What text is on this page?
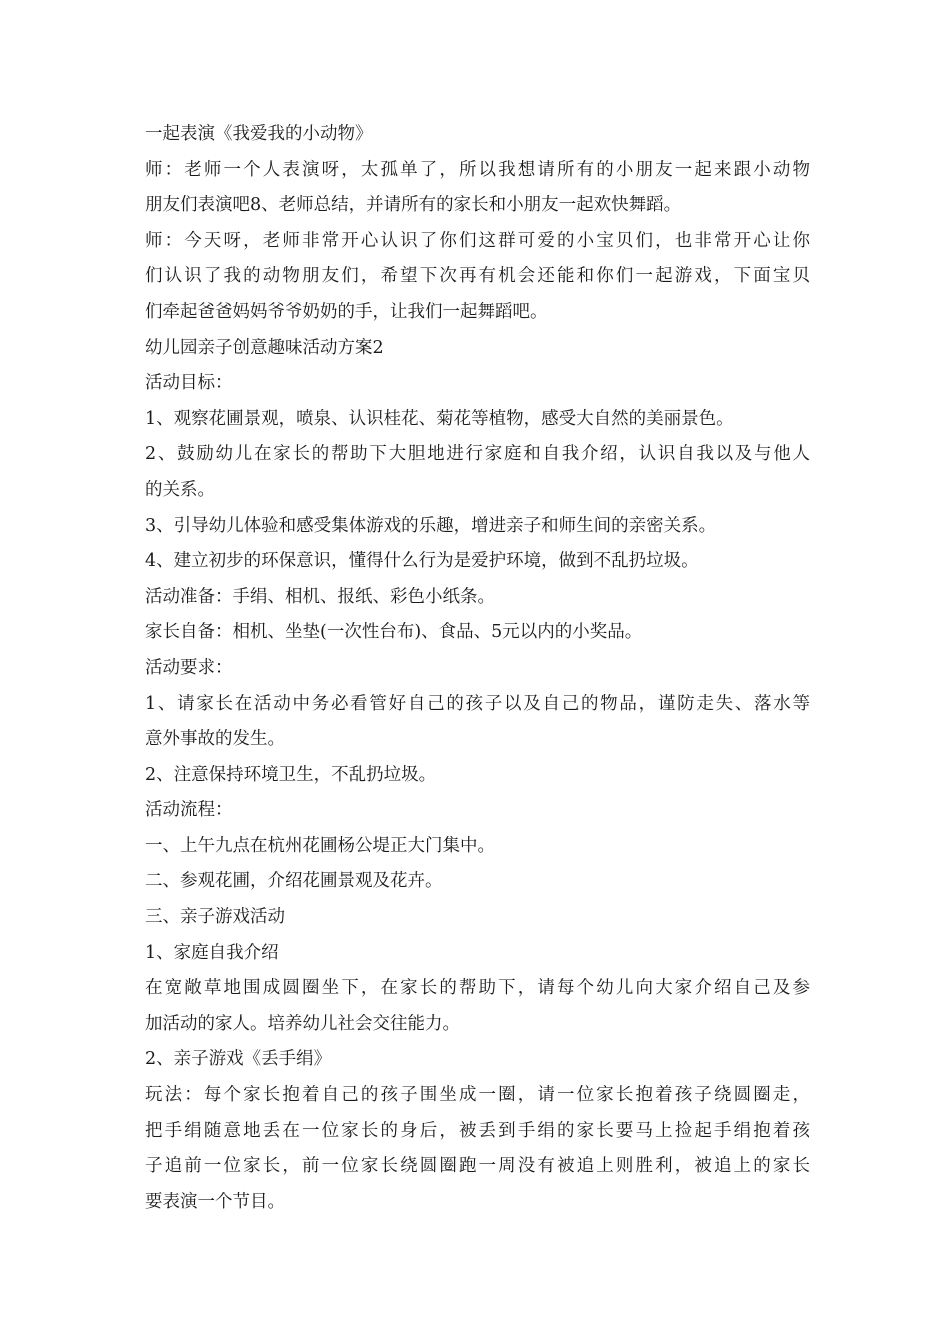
一起表演《我爱我的小动物》
师：老师一个人表演呀，太孤单了，所以我想请所有的小朋友一起来跟小动物
朋友们表演吧8、老师总结，并请所有的家长和小朋友一起欢快舞蹈。
师：今天呀，老师非常开心认识了你们这群可爱的小宝贝们，也非常开心让你
们认识了我的动物朋友们，希望下次再有机会还能和你们一起游戏，下面宝贝
们牵起爸爸妈妈爷爷奶奶的手，让我们一起舞蹈吧。
幼儿园亲子创意趣味活动方案2
活动目标：
1、观察花圃景观，喷泉、认识桂花、菊花等植物，感受大自然的美丽景色。
2、鼓励幼儿在家长的帮助下大胆地进行家庭和自我介绍，认识自我以及与他人
的关系。
3、引导幼儿体验和感受集体游戏的乐趣，增进亲子和师生间的亲密关系。
4、建立初步的环保意识，懂得什么行为是爱护环境，做到不乱扔垃圾。
活动准备：手绢、相机、报纸、彩色小纸条。
家长自备：相机、坐垫(一次性台布)、食品、5元以内的小奖品。
活动要求：
1、请家长在活动中务必看管好自己的孩子以及自己的物品，谨防走失、落水等
意外事故的发生。
2、注意保持环境卫生，不乱扔垃圾。
活动流程：
一、上午九点在杭州花圃杨公堤正大门集中。
二、参观花圃，介绍花圃景观及花卉。
三、亲子游戏活动
1、家庭自我介绍
在宽敞草地围成圆圈坐下，在家长的帮助下，请每个幼儿向大家介绍自己及参
加活动的家人。培养幼儿社会交往能力。
2、亲子游戏《丢手绢》
玩法：每个家长抱着自己的孩子围坐成一圈，请一位家长抱着孩子绕圆圈走，
把手绢随意地丢在一位家长的身后，被丢到手绢的家长要马上捡起手绢抱着孩
子追前一位家长，前一位家长绕圆圈跑一周没有被追上则胜利，被追上的家长
要表演一个节目。
